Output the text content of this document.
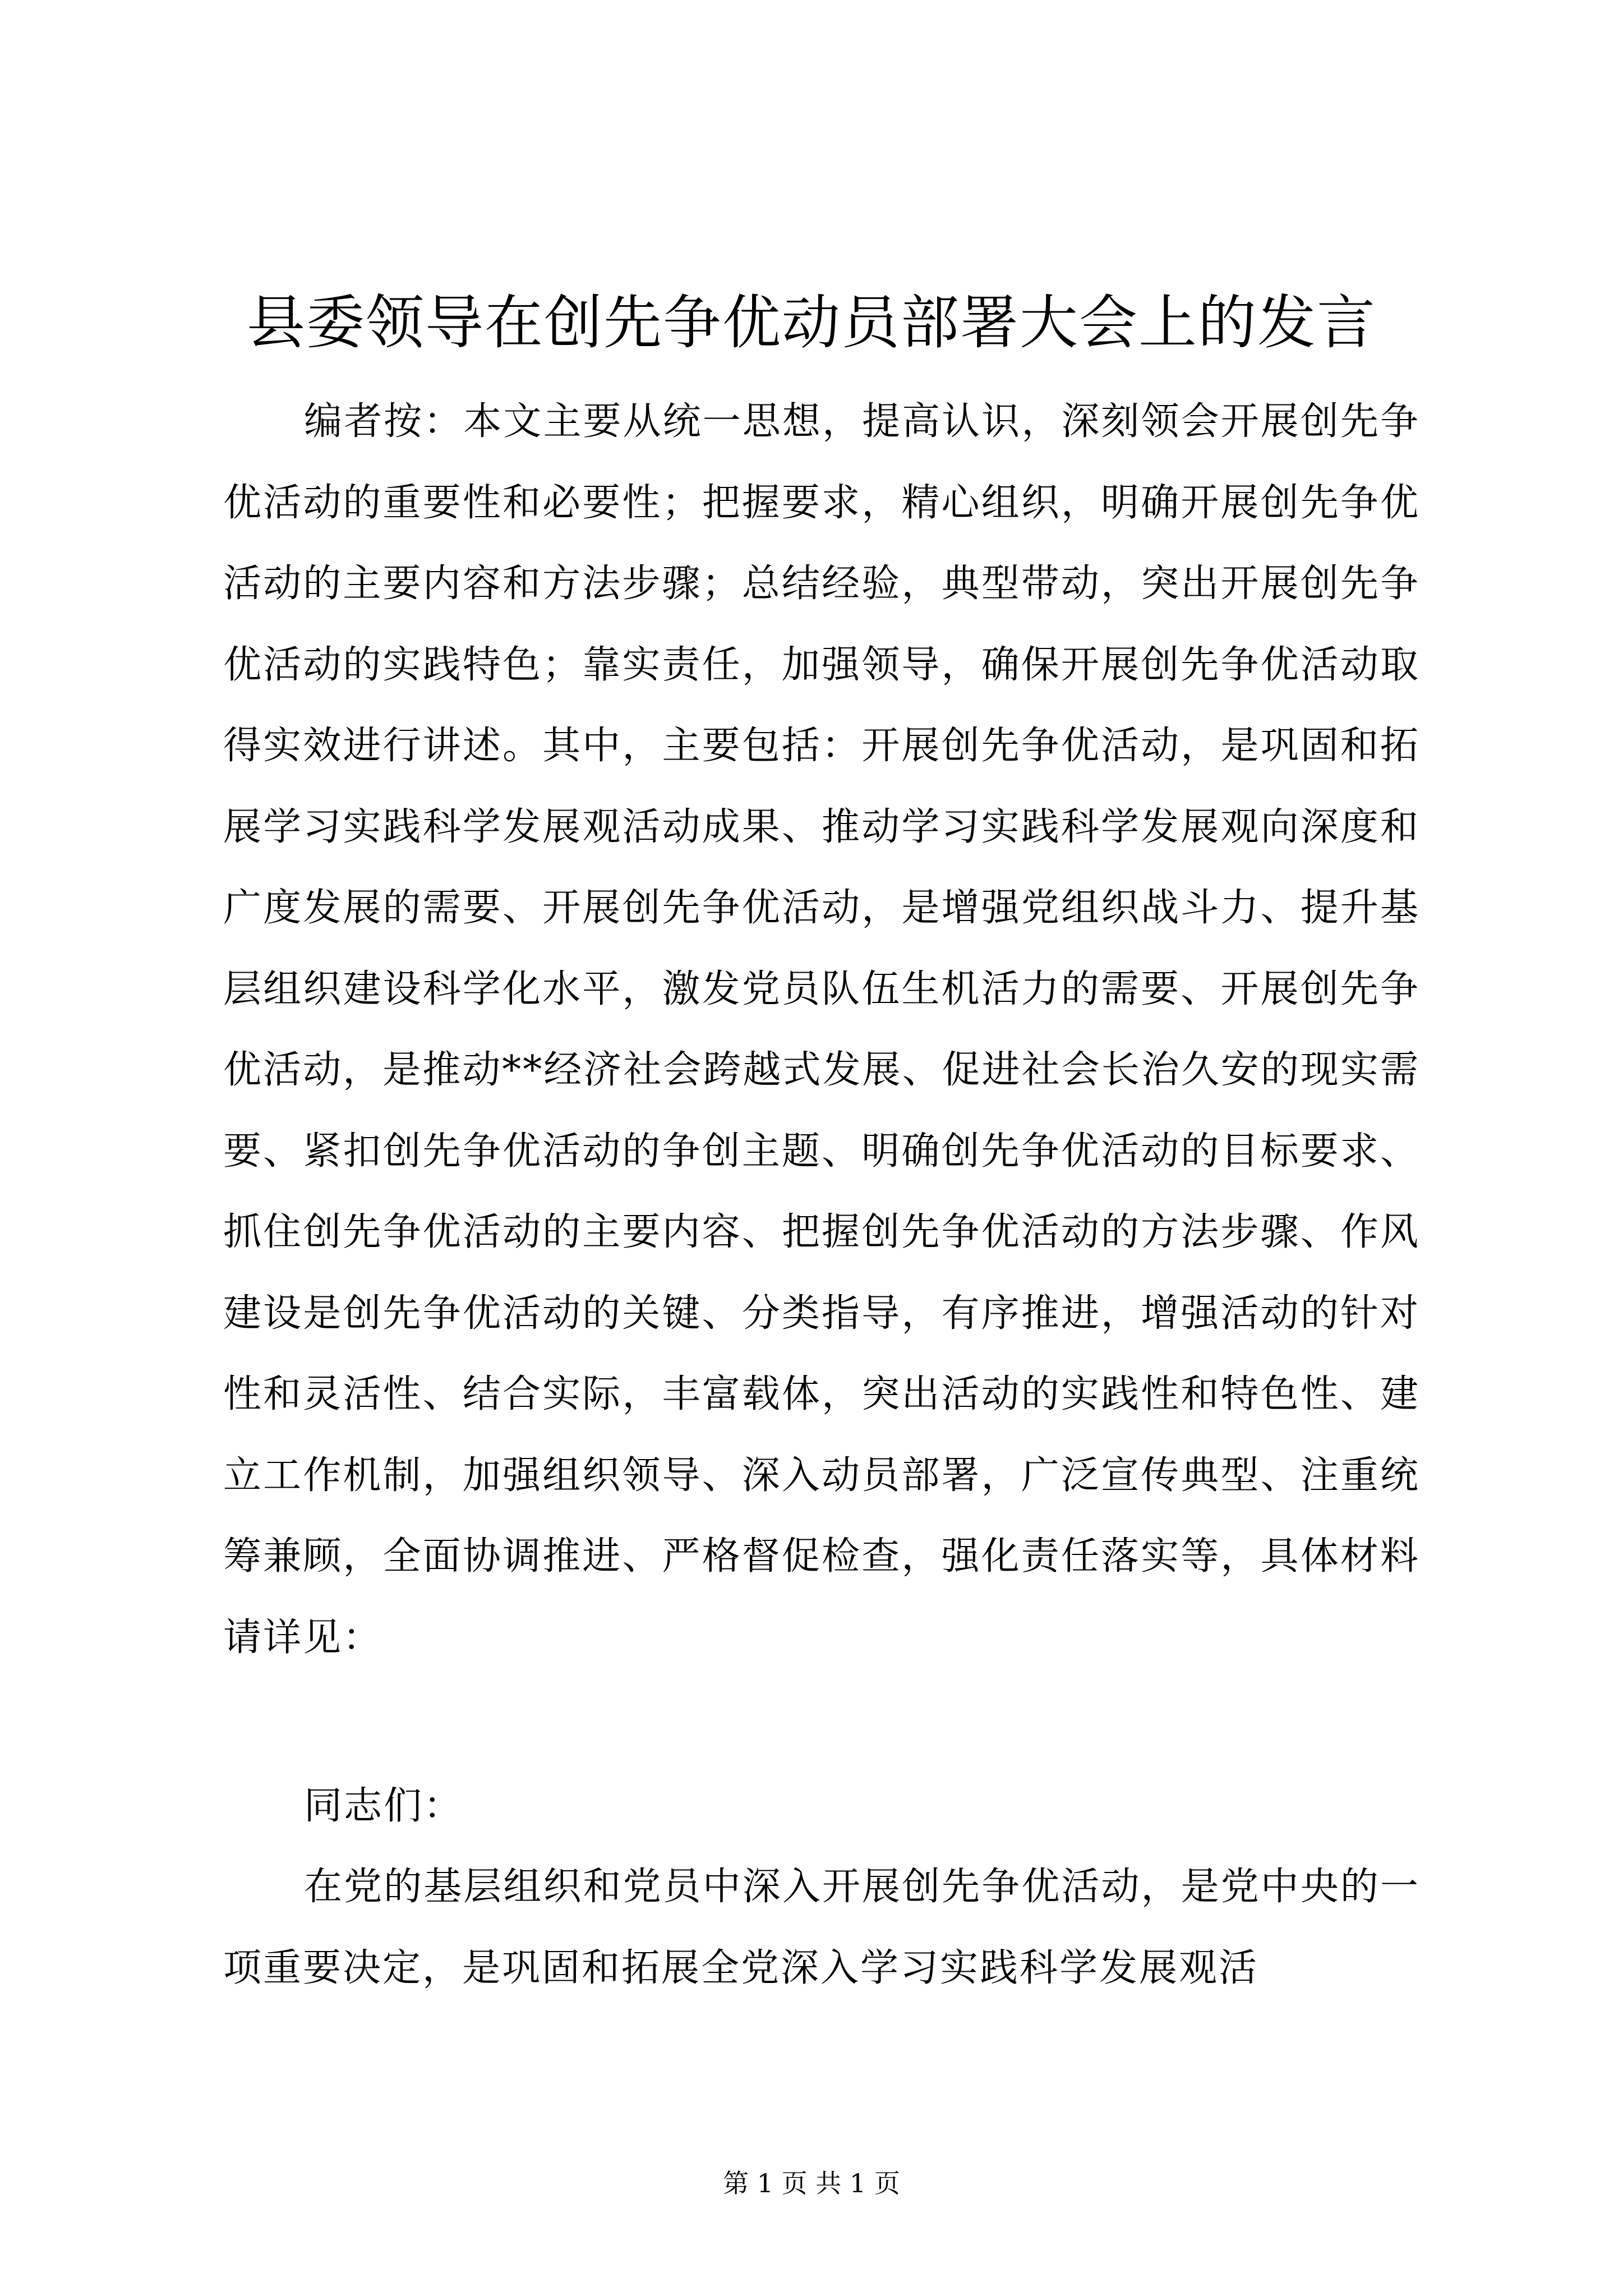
县委领导在创先争优动员部署大会上的发言

编者按：本文主要从统一思想，提高认识，深刻领会开展创先争优活动的重要性和必要性；把握要求，精心组织，明确开展创先争优活动的主要内容和方法步骤；总结经验，典型带动，突出开展创先争优活动的实践特色；靠实责任，加强领导，确保开展创先争优活动取得实效进行讲述。其中，主要包括：开展创先争优活动，是巩固和拓展学习实践科学发展观活动成果、推动学习实践科学发展观向深度和广度发展的需要、开展创先争优活动，是增强党组织战斗力、提升基层组织建设科学化水平，激发党员队伍生机活力的需要、开展创先争优活动，是推动**经济社会跨越式发展、促进社会长治久安的现实需要、紧扣创先争优活动的争创主题、明确创先争优活动的目标要求、抓住创先争优活动的主要内容、把握创先争优活动的方法步骤、作风建设是创先争优活动的关键、分类指导，有序推进，增强活动的针对性和灵活性、结合实际，丰富载体，突出活动的实践性和特色性、建立工作机制，加强组织领导、深入动员部署，广泛宣传典型、注重统筹兼顾，全面协调推进、严格督促检查，强化责任落实等，具体材料请详见：

同志们：

在党的基层组织和党员中深入开展创先争优活动，是党中央的一项重要决定，是巩固和拓展全党深入学习实践科学发展观活

第 1 页 共 1 页
